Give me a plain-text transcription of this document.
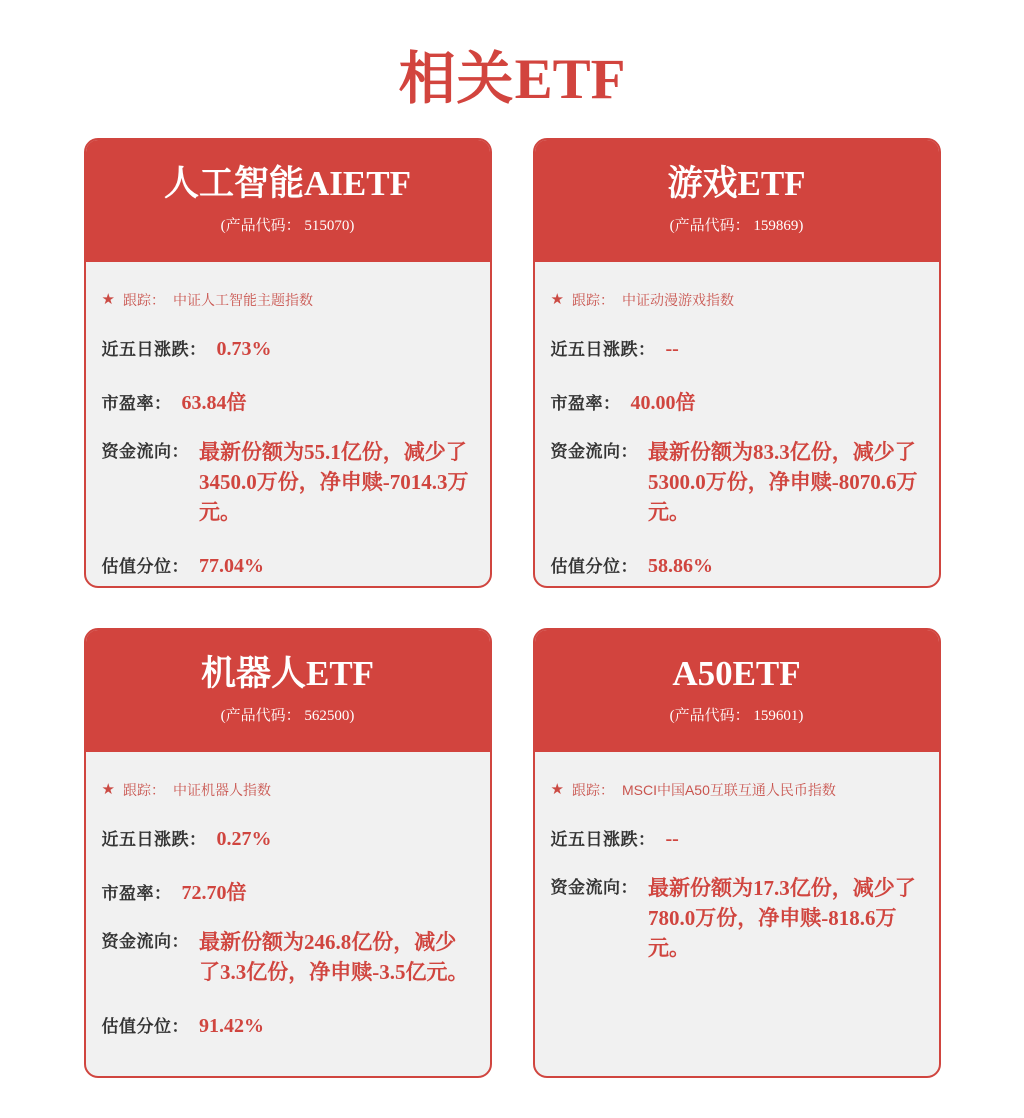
相关ETF
人工智能AIETF
(产品代码： 515070)
★ 跟踪： 中证人工智能主题指数
近五日涨跌： 0.73%
市盈率： 63.84倍
资金流向： 最新份额为55.1亿份，减少了3450.0万份，净申赎-7014.3万元。
估值分位： 77.04%
游戏ETF
(产品代码： 159869)
★ 跟踪： 中证动漫游戏指数
近五日涨跌： --
市盈率： 40.00倍
资金流向： 最新份额为83.3亿份，减少了5300.0万份，净申赎-8070.6万元。
估值分位： 58.86%
机器人ETF
(产品代码： 562500)
★ 跟踪： 中证机器人指数
近五日涨跌： 0.27%
市盈率： 72.70倍
资金流向： 最新份额为246.8亿份，减少了3.3亿份，净申赎-3.5亿元。
估值分位： 91.42%
A50ETF
(产品代码： 159601)
★ 跟踪： MSCI中国A50互联互通人民币指数
近五日涨跌： --
资金流向： 最新份额为17.3亿份，减少了780.0万份，净申赎-818.6万元。
